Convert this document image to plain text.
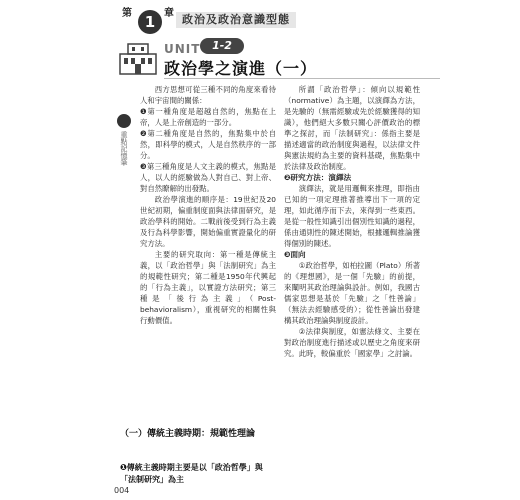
第 1 章 政治及政治意識型態
UNIT	1-2
政治學之演進（一）
重點記憶筆

西方思想可從三種不同的角度來看待人和宇宙間的關係：

❶第一種角度是超越自然的，焦點在上帝，人是上帝創造的一部分。

❷第二種角度是自然的，焦點集中於自然，即科學的模式，人是自然秩序的一部分。

❸第三種角度是人文主義的模式，焦點是人，以人的經驗做為人對自己、對上帝、對自然瞭解的出發點。

政治學演進的順序是：19世紀及20世紀初期，偏重制度面與法律面研究，是政治學科的開始。二戰前後受到行為主義及行為科學影響，開始偏重實證量化的研究方法。

主要的研究取向：第一種是傳統主義，以「政治哲學」與「法制研究」為主的規範性研究；第二種是1950年代興起的「行為主義」，以實證方法研究；第三種是「後行為主義」（Post-behavioralism），重視研究的相關性與行動價值。

所謂「政治哲學」：傾向以規範性（normative）為主題，以演繹為方法，是先驗的（無需經驗或先於經驗獲得的知識），他們絕大多數只關心評價政治的標準之探討，而「法制研究」：係指主要是描述適當的政治制度與過程，以法律文件與憲法規約為主要的資料基礎，焦點集中於法律及政治制度。

❷研究方法：演繹法

演繹法，就是用邏輯來推理，即指由已知的一項定理推著推導出下一項的定理，如此循序而下去，來得到一些東西。是從一般性知識引出個別性知識的過程，係由通則性的陳述開始，根據邏輯推論獲得個別的陳述。

❸面向

①政治哲學，如柏拉圖（Plato）所著的《理想國》，是一個「先驗」的前提，來闡明其政治理論與設計。例如，我國古儒家思想是基於「先驗」之「性善論」（無法去經驗感受的）；從性善論出發建構其政治理論與制度設計。

②法律與制度，如憲法條文、主要在對政治制度進行描述或以歷史之角度來研究。此時，較偏重於「國家學」之討論。

（一）傳統主義時期：規範性理論
❶傳統主義時期主要是以「政治哲學」與「法制研究」為主
004
